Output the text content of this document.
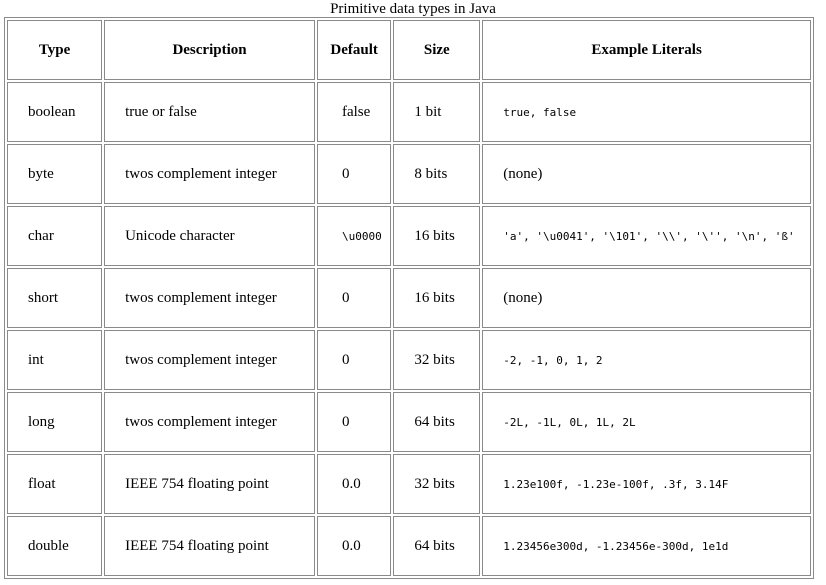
Primitive data types in Java
Type	Description	Default	Size	Example Literals
boolean	true or false	false	1 bit	true, false
byte	twos complement integer	0	8 bits	(none)
char	Unicode character	\u0000	16 bits	'a', '\u0041', '\101', '\\', '\'', '\n', 'ß'
short	twos complement integer	0	16 bits	(none)
int	twos complement integer	0	32 bits	-2, -1, 0, 1, 2
long	twos complement integer	0	64 bits	-2L, -1L, 0L, 1L, 2L
float	IEEE 754 floating point	0.0	32 bits	1.23e100f, -1.23e-100f, .3f, 3.14F
double	IEEE 754 floating point	0.0	64 bits	1.23456e300d, -1.23456e-300d, 1e1d
